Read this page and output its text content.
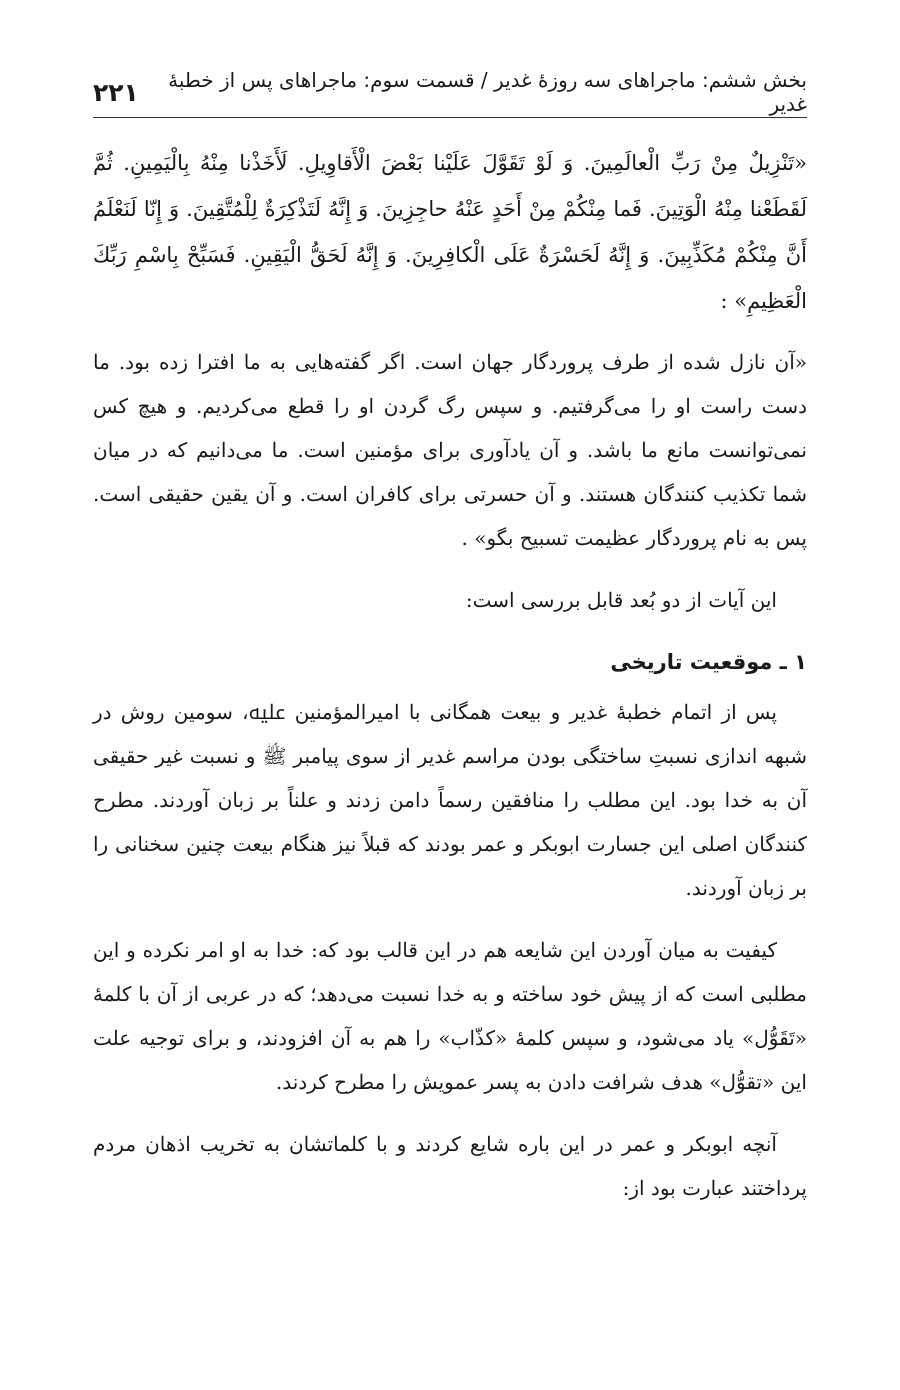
بخش ششم: ماجراهای سه روزهٔ غدیر / قسمت سوم: ماجراهای پس از خطبهٔ غدیر
۲۲۱

«تَنْزِيلٌ مِنْ رَبِّ الْعالَمِينَ. وَ لَوْ تَقَوَّلَ عَلَيْنا بَعْضَ الْأَقاوِيلِ. لَأَخَذْنا مِنْهُ بِالْيَمِينِ. ثُمَّ لَقَطَعْنا مِنْهُ الْوَتِينَ. فَما مِنْكُمْ مِنْ أَحَدٍ عَنْهُ حاجِزِينَ. وَ إِنَّهُ لَتَذْكِرَةٌ لِلْمُتَّقِينَ. وَ إِنّا لَنَعْلَمُ أَنَّ مِنْكُمْ مُكَذِّبِينَ. وَ إِنَّهُ لَحَسْرَةٌ عَلَى الْكافِرِينَ. وَ إِنَّهُ لَحَقُّ الْيَقِينِ. فَسَبِّحْ بِاسْمِ رَبِّكَ الْعَظِيمِ» :

«آن نازل شده از طرف پروردگار جهان است. اگر گفته‌هایی به ما افترا زده بود. ما دست راست او را می‌گرفتیم. و سپس رگ گردن او را قطع می‌کردیم. و هیچ کس نمی‌توانست مانع ما باشد. و آن یادآوری برای مؤمنین است. ما می‌دانیم که در میان شما تکذیب کنندگان هستند. و آن حسرتی برای کافران است. و آن یقین حقیقی است. پس به نام پروردگار عظیمت تسبیح بگو» .

این آیات از دو بُعد قابل بررسی است:

۱ ـ موقعیت تاریخی

پس از اتمام خطبهٔ غدیر و بیعت همگانی با امیرالمؤمنین ﷷ، سومین روش در شبهه اندازی نسبتِ ساختگی بودن مراسم غدیر از سوی پیامبر ﷺ و نسبت غیر حقیقی آن به خدا بود. این مطلب را منافقین رسماً دامن زدند و علناً بر زبان آوردند. مطرح کنندگان اصلی این جسارت ابوبکر و عمر بودند که قبلاً نیز هنگام بیعت چنین سخنانی را بر زبان آوردند.

کیفیت به میان آوردن این شایعه هم در این قالب بود که: خدا به او امر نکرده و این مطلبی است که از پیش خود ساخته و به خدا نسبت می‌دهد؛ که در عربی از آن با کلمهٔ «تَقَوُّل» یاد می‌شود، و سپس کلمهٔ «کذّاب» را هم به آن افزودند، و برای توجیه علت این «تقوُّل» هدف شرافت دادن به پسر عمویش را مطرح کردند.

آنچه ابوبکر و عمر در این باره شایع کردند و با کلماتشان به تخریب اذهان مردم پرداختند عبارت بود از:
